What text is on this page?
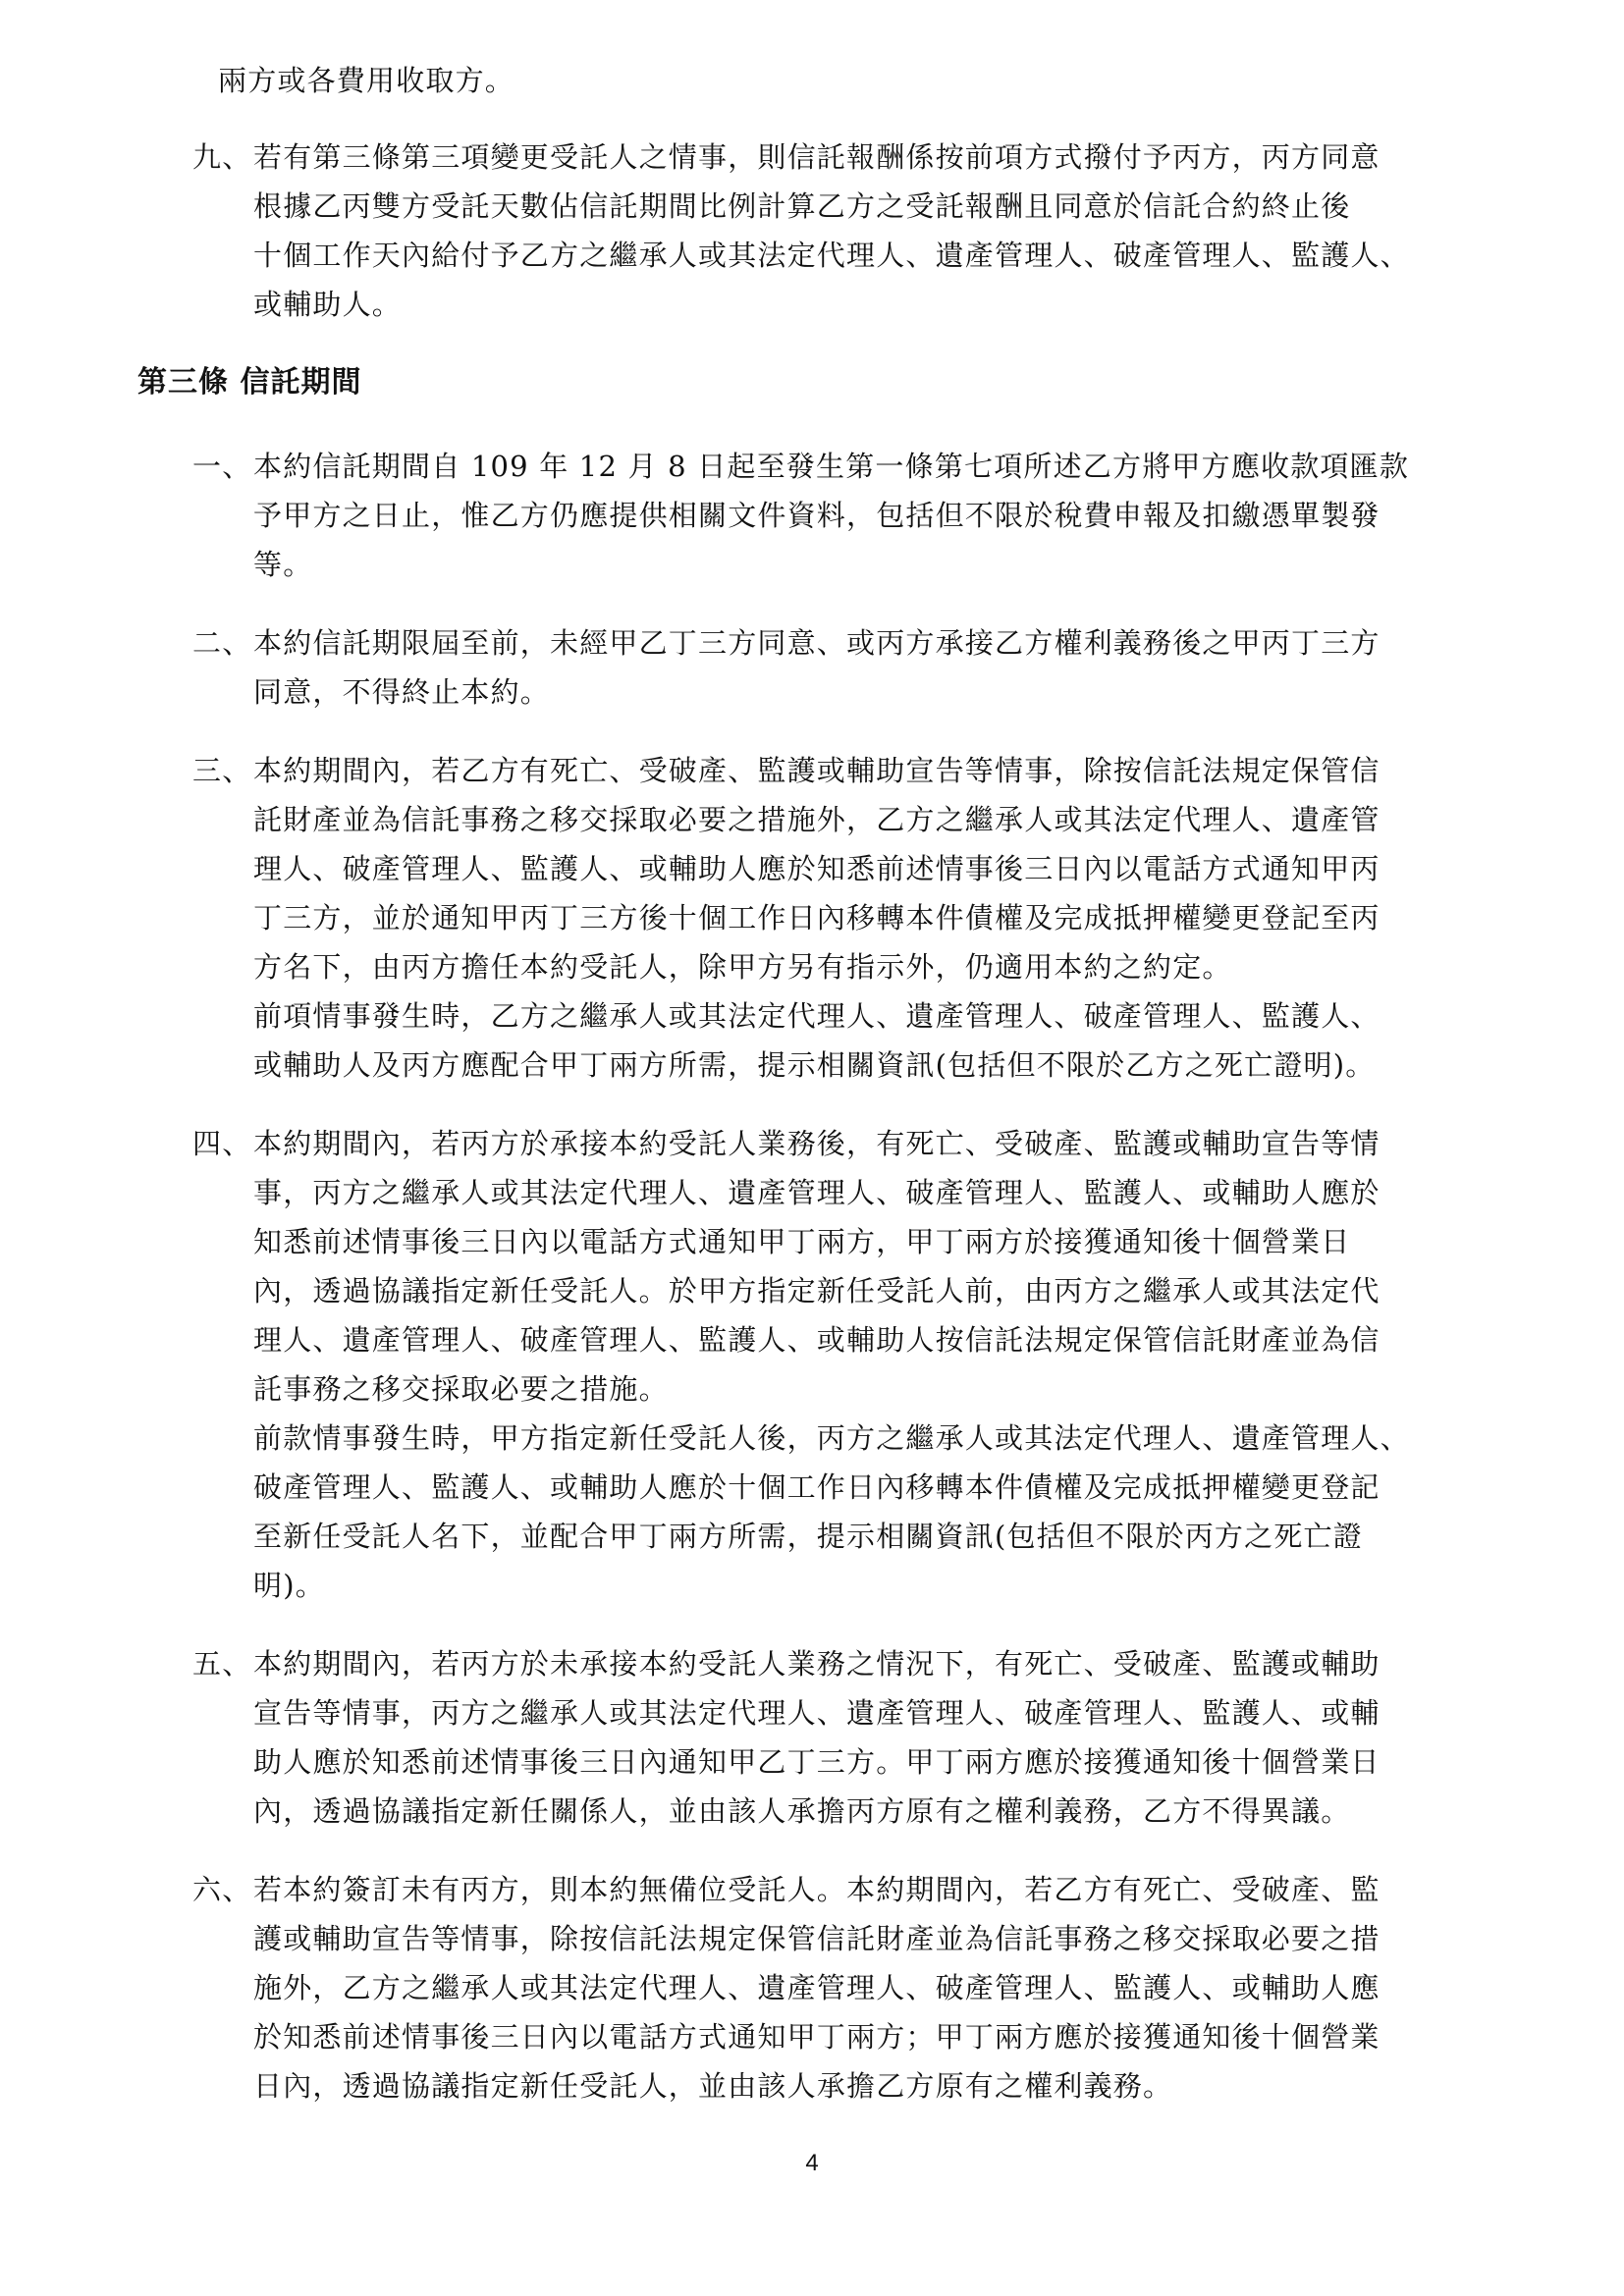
兩方或各費用收取方。
九、 若有第三條第三項變更受託人之情事，則信託報酬係按前項方式撥付予丙方，丙方同意
根據乙丙雙方受託天數佔信託期間比例計算乙方之受託報酬且同意於信託合約終止後
十個工作天內給付予乙方之繼承人或其法定代理人、遺產管理人、破產管理人、監護人、
或輔助人。
第三條 信託期間
一、 本約信託期間自 109 年 12 月 8 日起至發生第一條第七項所述乙方將甲方應收款項匯款
予甲方之日止，惟乙方仍應提供相關文件資料，包括但不限於稅費申報及扣繳憑單製發
等。
二、 本約信託期限屆至前，未經甲乙丁三方同意、或丙方承接乙方權利義務後之甲丙丁三方
同意，不得終止本約。
三、 本約期間內，若乙方有死亡、受破產、監護或輔助宣告等情事，除按信託法規定保管信
託財產並為信託事務之移交採取必要之措施外，乙方之繼承人或其法定代理人、遺產管
理人、破產管理人、監護人、或輔助人應於知悉前述情事後三日內以電話方式通知甲丙
丁三方，並於通知甲丙丁三方後十個工作日內移轉本件債權及完成抵押權變更登記至丙
方名下，由丙方擔任本約受託人，除甲方另有指示外，仍適用本約之約定。
前項情事發生時，乙方之繼承人或其法定代理人、遺產管理人、破產管理人、監護人、
或輔助人及丙方應配合甲丁兩方所需，提示相關資訊(包括但不限於乙方之死亡證明)。
四、 本約期間內，若丙方於承接本約受託人業務後，有死亡、受破產、監護或輔助宣告等情
事，丙方之繼承人或其法定代理人、遺產管理人、破產管理人、監護人、或輔助人應於
知悉前述情事後三日內以電話方式通知甲丁兩方，甲丁兩方於接獲通知後十個營業日
內，透過協議指定新任受託人。於甲方指定新任受託人前，由丙方之繼承人或其法定代
理人、遺產管理人、破產管理人、監護人、或輔助人按信託法規定保管信託財產並為信
託事務之移交採取必要之措施。
前款情事發生時，甲方指定新任受託人後，丙方之繼承人或其法定代理人、遺產管理人、
破產管理人、監護人、或輔助人應於十個工作日內移轉本件債權及完成抵押權變更登記
至新任受託人名下，並配合甲丁兩方所需，提示相關資訊(包括但不限於丙方之死亡證
明)。
五、 本約期間內，若丙方於未承接本約受託人業務之情況下，有死亡、受破產、監護或輔助
宣告等情事，丙方之繼承人或其法定代理人、遺產管理人、破產管理人、監護人、或輔
助人應於知悉前述情事後三日內通知甲乙丁三方。甲丁兩方應於接獲通知後十個營業日
內，透過協議指定新任關係人，並由該人承擔丙方原有之權利義務，乙方不得異議。
六、 若本約簽訂未有丙方，則本約無備位受託人。本約期間內，若乙方有死亡、受破產、監
護或輔助宣告等情事，除按信託法規定保管信託財產並為信託事務之移交採取必要之措
施外，乙方之繼承人或其法定代理人、遺產管理人、破產管理人、監護人、或輔助人應
於知悉前述情事後三日內以電話方式通知甲丁兩方；甲丁兩方應於接獲通知後十個營業
日內，透過協議指定新任受託人，並由該人承擔乙方原有之權利義務。
4
